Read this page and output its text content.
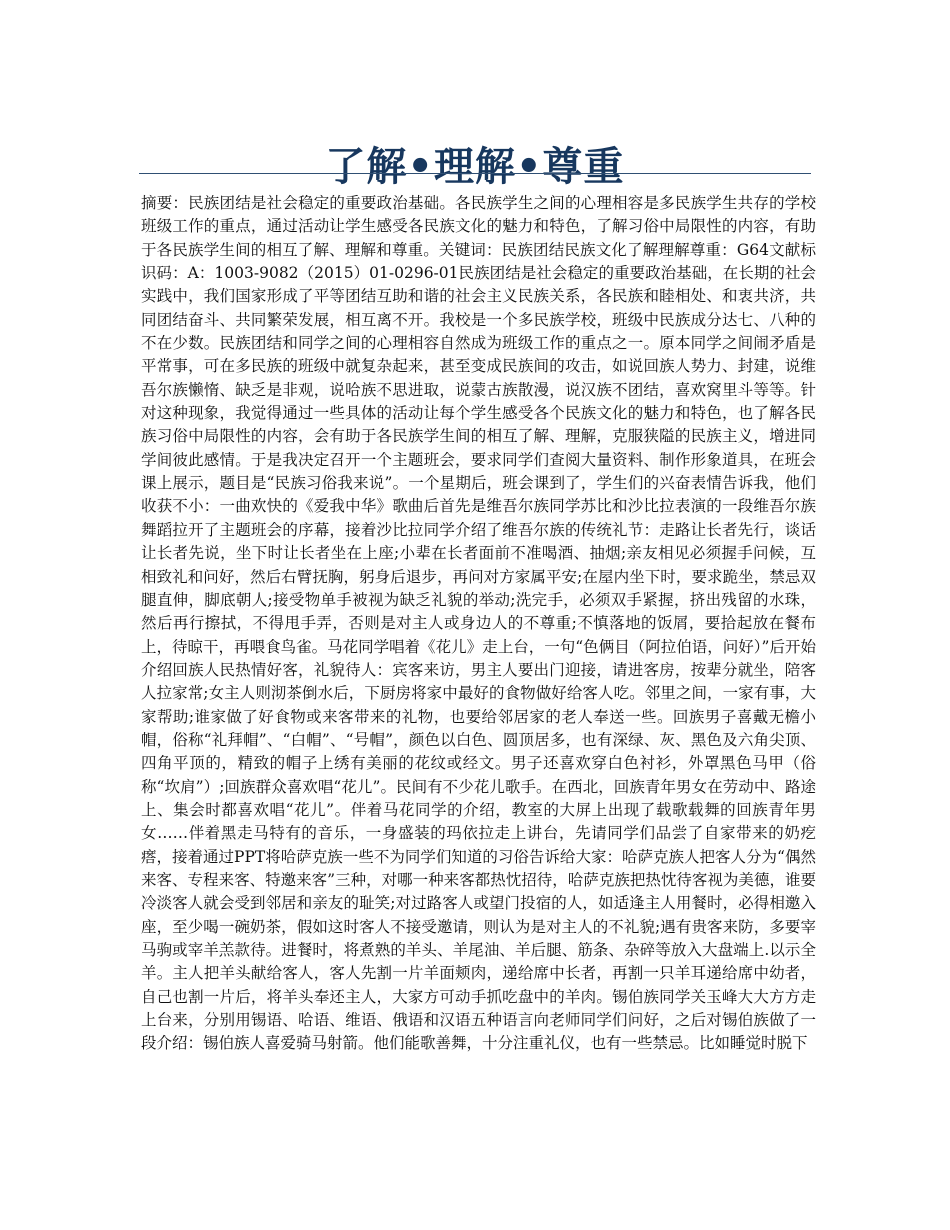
了解•理解•尊重

摘要：民族团结是社会稳定的重要政治基础。各民族学生之间的心理相容是多民族学生共存的学校班级工作的重点，通过活动让学生感受各民族文化的魅力和特色，了解习俗中局限性的内容，有助于各民族学生间的相互了解、理解和尊重。关键词：民族团结民族文化了解理解尊重：G64文献标识码：A：1003-9082（2015）01-0296-01民族团结是社会稳定的重要政治基础，在长期的社会实践中，我们国家形成了平等团结互助和谐的社会主义民族关系，各民族和睦相处、和衷共济，共同团结奋斗、共同繁荣发展，相互离不开。我校是一个多民族学校，班级中民族成分达七、八种的不在少数。民族团结和同学之间的心理相容自然成为班级工作的重点之一。原本同学之间闹矛盾是平常事，可在多民族的班级中就复杂起来，甚至变成民族间的攻击，如说回族人势力、封建，说维吾尔族懒惰、缺乏是非观，说哈族不思进取，说蒙古族散漫，说汉族不团结，喜欢窝里斗等等。针对这种现象，我觉得通过一些具体的活动让每个学生感受各个民族文化的魅力和特色，也了解各民族习俗中局限性的内容，会有助于各民族学生间的相互了解、理解，克服狭隘的民族主义，增进同学间彼此感情。于是我决定召开一个主题班会，要求同学们查阅大量资料、制作形象道具，在班会课上展示，题目是“民族习俗我来说”。一个星期后，班会课到了，学生们的兴奋表情告诉我，他们收获不小：一曲欢快的《爱我中华》歌曲后首先是维吾尔族同学苏比和沙比拉表演的一段维吾尔族舞蹈拉开了主题班会的序幕，接着沙比拉同学介绍了维吾尔族的传统礼节：走路让长者先行，谈话让长者先说，坐下时让长者坐在上座;小辈在长者面前不准喝酒、抽烟;亲友相见必须握手问候，互相致礼和问好，然后右臂抚胸，躬身后退步，再问对方家属平安;在屋内坐下时，要求跪坐，禁忌双腿直伸，脚底朝人;接受物单手被视为缺乏礼貌的举动;洗完手，必须双手紧握，挤出残留的水珠，然后再行擦拭，不得甩手弄，否则是对主人或身边人的不尊重;不慎落地的饭屑，要拾起放在餐布上，待晾干，再喂食鸟雀。马花同学唱着《花儿》走上台，一句“色俩目（阿拉伯语，问好）”后开始介绍回族人民热情好客，礼貌待人：宾客来访，男主人要出门迎接，请进客房，按辈分就坐，陪客人拉家常;女主人则沏茶倒水后，下厨房将家中最好的食物做好给客人吃。邻里之间，一家有事，大家帮助;谁家做了好食物或来客带来的礼物，也要给邻居家的老人奉送一些。回族男子喜戴无檐小帽，俗称“礼拜帽”、“白帽”、“号帽”，颜色以白色、圆顶居多，也有深绿、灰、黑色及六角尖顶、四角平顶的，精致的帽子上绣有美丽的花纹或经文。男子还喜欢穿白色衬衫，外罩黑色马甲（俗称“坎肩”）;回族群众喜欢唱“花儿”。民间有不少花儿歌手。在西北，回族青年男女在劳动中、路途上、集会时都喜欢唱“花儿”。伴着马花同学的介绍，教室的大屏上出现了载歌载舞的回族青年男女……伴着黑走马特有的音乐，一身盛装的玛依拉走上讲台，先请同学们品尝了自家带来的奶疙瘩，接着通过PPT将哈萨克族一些不为同学们知道的习俗告诉给大家：哈萨克族人把客人分为“偶然来客、专程来客、特邀来客”三种，对哪一种来客都热忱招待，哈萨克族把热忱待客视为美德，谁要冷淡客人就会受到邻居和亲友的耻笑;对过路客人或望门投宿的人，如适逢主人用餐时，必得相邀入座，至少喝一碗奶茶，假如这时客人不接受邀请，则认为是对主人的不礼貌;遇有贵客来防，多要宰马驹或宰羊羔款待。进餐时，将煮熟的羊头、羊尾油、羊后腿、筋条、杂碎等放入大盘端上.以示全羊。主人把羊头献给客人，客人先割一片羊面颊肉，递给席中长者，再割一只羊耳递给席中幼者，自己也割一片后，将羊头奉还主人，大家方可动手抓吃盘中的羊肉。锡伯族同学关玉峰大大方方走上台来，分别用锡语、哈语、维语、俄语和汉语五种语言向老师同学们问好，之后对锡伯族做了一段介绍：锡伯族人喜爱骑马射箭。他们能歌善舞，十分注重礼仪，也有一些禁忌。比如睡觉时脱下
